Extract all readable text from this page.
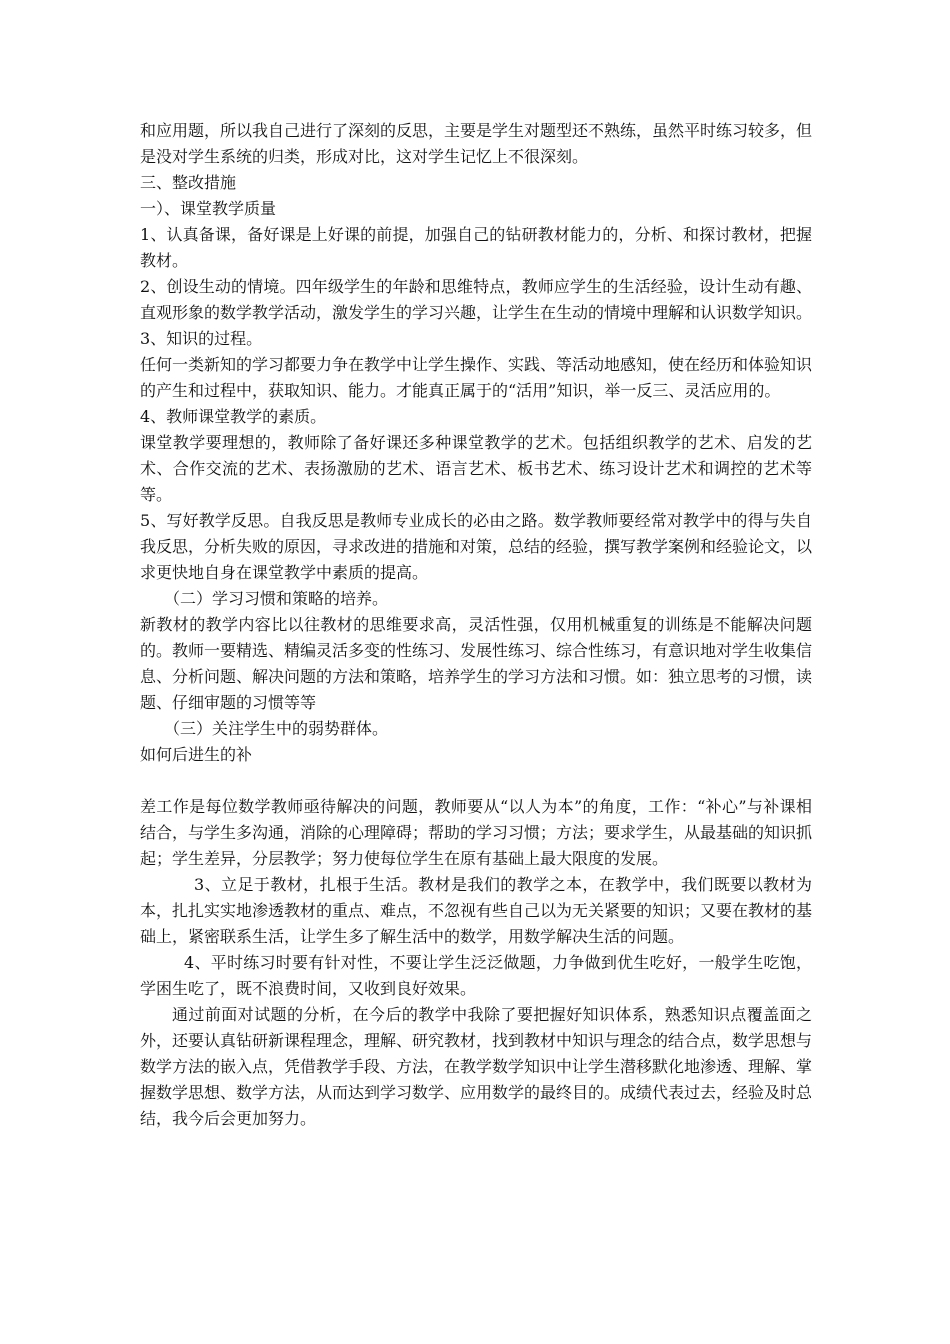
和应用题，所以我自己进行了深刻的反思，主要是学生对题型还不熟练，虽然平时练习较多，但是没对学生系统的归类，形成对比，这对学生记忆上不很深刻。

三、整改措施

一）、课堂教学质量

1、认真备课，备好课是上好课的前提，加强自己的钻研教材能力的，分析、和探讨教材，把握教材。

2、创设生动的情境。四年级学生的年龄和思维特点，教师应学生的生活经验，设计生动有趣、直观形象的数学教学活动，激发学生的学习兴趣，让学生在生动的情境中理解和认识数学知识。

3、知识的过程。

任何一类新知的学习都要力争在教学中让学生操作、实践、等活动地感知，使在经历和体验知识的产生和过程中，获取知识、能力。才能真正属于的“活用”知识，举一反三、灵活应用的。

4、教师课堂教学的素质。

课堂教学要理想的，教师除了备好课还多种课堂教学的艺术。包括组织教学的艺术、启发的艺术、合作交流的艺术、表扬激励的艺术、语言艺术、板书艺术、练习设计艺术和调控的艺术等等。

5、写好教学反思。自我反思是教师专业成长的必由之路。数学教师要经常对教学中的得与失自我反思，分析失败的原因，寻求改进的措施和对策，总结的经验，撰写教学案例和经验论文，以求更快地自身在课堂教学中素质的提高。

（二）学习习惯和策略的培养。

新教材的教学内容比以往教材的思维要求高，灵活性强，仅用机械重复的训练是不能解决问题的。教师一要精选、精编灵活多变的性练习、发展性练习、综合性练习，有意识地对学生收集信息、分析问题、解决问题的方法和策略，培养学生的学习方法和习惯。如：独立思考的习惯，读题、仔细审题的习惯等等

（三）关注学生中的弱势群体。

如何后进生的补

差工作是每位数学教师亟待解决的问题，教师要从“以人为本”的角度，工作：“补心”与补课相结合，与学生多沟通，消除的心理障碍；帮助的学习习惯；方法；要求学生，从最基础的知识抓起；学生差异，分层教学；努力使每位学生在原有基础上最大限度的发展。

3、立足于教材，扎根于生活。教材是我们的教学之本，在教学中，我们既要以教材为本，扎扎实实地渗透教材的重点、难点，不忽视有些自己以为无关紧要的知识；又要在教材的基础上，紧密联系生活，让学生多了解生活中的数学，用数学解决生活的问题。

4、平时练习时要有针对性，不要让学生泛泛做题，力争做到优生吃好，一般学生吃饱，学困生吃了，既不浪费时间，又收到良好效果。

通过前面对试题的分析，在今后的教学中我除了要把握好知识体系，熟悉知识点覆盖面之外，还要认真钻研新课程理念，理解、研究教材，找到教材中知识与理念的结合点，数学思想与数学方法的嵌入点，凭借教学手段、方法，在教学数学知识中让学生潜移默化地渗透、理解、掌握数学思想、数学方法，从而达到学习数学、应用数学的最终目的。成绩代表过去，经验及时总结，我今后会更加努力。
